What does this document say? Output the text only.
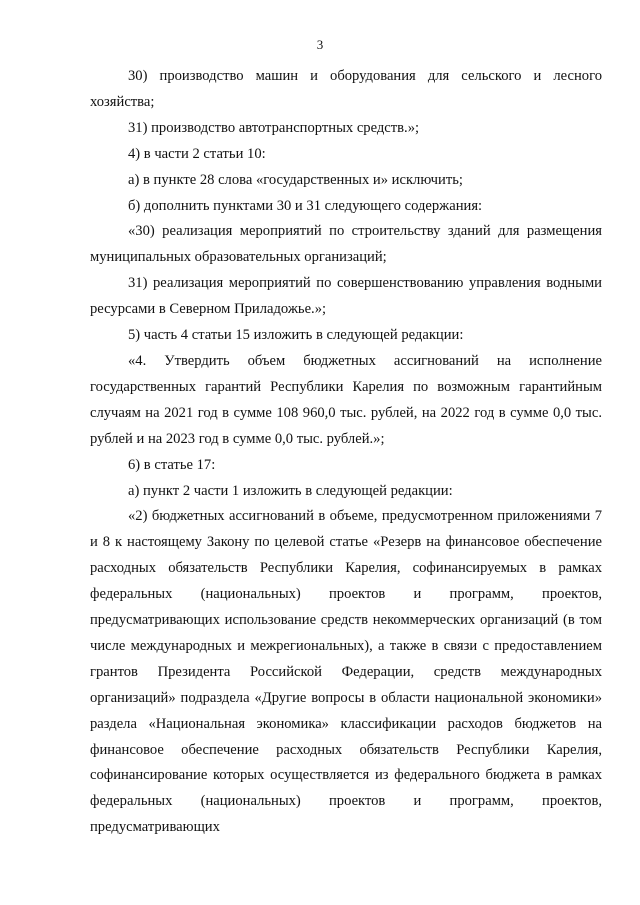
3

30) производство машин и оборудования для сельского и лесного хозяйства;

31) производство автотранспортных средств.»;

4) в части 2 статьи 10:

а) в пункте 28 слова «государственных и» исключить;

б) дополнить пунктами 30 и 31 следующего содержания:

«30) реализация мероприятий по строительству зданий для размещения муниципальных образовательных организаций;

31) реализация мероприятий по совершенствованию управления водными ресурсами в Северном Приладожье.»;

5) часть 4 статьи 15 изложить в следующей редакции:

«4. Утвердить объем бюджетных ассигнований на исполнение государственных гарантий Республики Карелия по возможным гарантийным случаям на 2021 год в сумме 108 960,0 тыс. рублей, на 2022 год в сумме 0,0 тыс. рублей и на 2023 год в сумме 0,0 тыс. рублей.»;

6) в статье 17:

а) пункт 2 части 1 изложить в следующей редакции:

«2) бюджетных ассигнований в объеме, предусмотренном приложениями 7 и 8 к настоящему Закону по целевой статье «Резерв на финансовое обеспечение расходных обязательств Республики Карелия, софинансируемых в рамках федеральных (национальных) проектов и программ, проектов, предусматривающих использование средств некоммерческих организаций (в том числе международных и межрегиональных), а также в связи с предоставлением грантов Президента Российской Федерации, средств международных организаций» подраздела «Другие вопросы в области национальной экономики» раздела «Национальная экономика» классификации расходов бюджетов на финансовое обеспечение расходных обязательств Республики Карелия, софинансирование которых осуществляется из федерального бюджета в рамках федеральных (национальных) проектов и программ, проектов, предусматривающих
